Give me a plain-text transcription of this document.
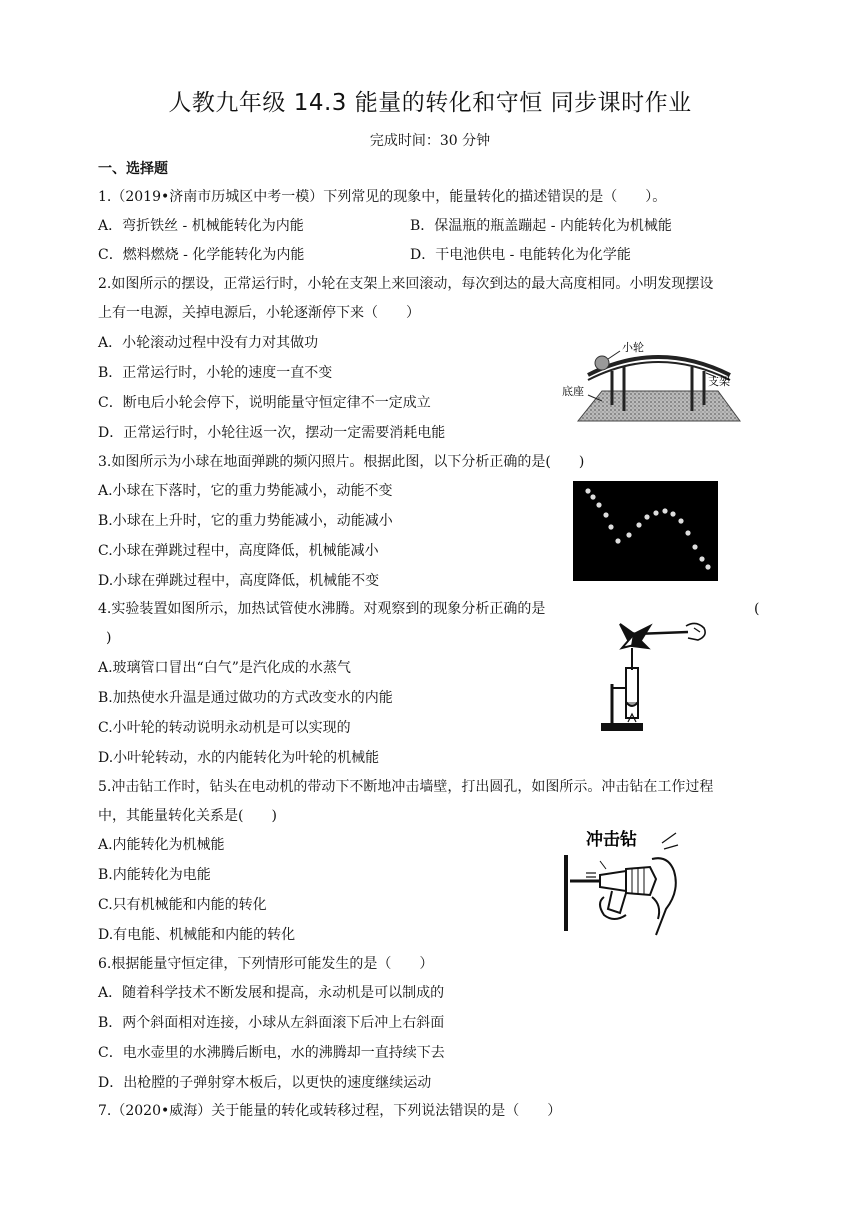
人教九年级 14.3 能量的转化和守恒 同步课时作业
完成时间：30 分钟
一、选择题
1.（2019•济南市历城区中考一模）下列常见的现象中，能量转化的描述错误的是（　　）。
A．弯折铁丝 - 机械能转化为内能	B．保温瓶的瓶盖蹦起 - 内能转化为机械能
C．燃料燃烧 - 化学能转化为内能	D．干电池供电 - 电能转化为化学能
2.如图所示的摆设，正常运行时，小轮在支架上来回滚动，每次到达的最大高度相同。小明发现摆设
上有一电源，关掉电源后，小轮逐渐停下来（　　）
A．小轮滚动过程中没有力对其做功
B．正常运行时，小轮的速度一直不变
C．断电后小轮会停下，说明能量守恒定律不一定成立
D．正常运行时，小轮往返一次，摆动一定需要消耗电能
小轮
支架
底座
3.如图所示为小球在地面弹跳的频闪照片。根据此图，以下分析正确的是(　　)
A.小球在下落时，它的重力势能减小，动能不变
B.小球在上升时，它的重力势能减小，动能减小
C.小球在弹跳过程中，高度降低，机械能减小
D.小球在弹跳过程中，高度降低，机械能不变
4.实验装置如图所示，加热试管使水沸腾。对观察到的现象分析正确的是	(
)
A.玻璃管口冒出“白气”是汽化成的水蒸气
B.加热使水升温是通过做功的方式改变水的内能
C.小叶轮的转动说明永动机是可以实现的
D.小叶轮转动，水的内能转化为叶轮的机械能
5.冲击钻工作时，钻头在电动机的带动下不断地冲击墙壁，打出圆孔，如图所示。冲击钻在工作过程
中，其能量转化关系是(　　)
A.内能转化为机械能
B.内能转化为电能
C.只有机械能和内能的转化
D.有电能、机械能和内能的转化
冲击钻
6.根据能量守恒定律，下列情形可能发生的是（　　）
A．随着科学技术不断发展和提高，永动机是可以制成的
B．两个斜面相对连接，小球从左斜面滚下后冲上右斜面
C．电水壶里的水沸腾后断电，水的沸腾却一直持续下去
D．出枪膛的子弹射穿木板后，以更快的速度继续运动
7.（2020•威海）关于能量的转化或转移过程，下列说法错误的是（　　）
